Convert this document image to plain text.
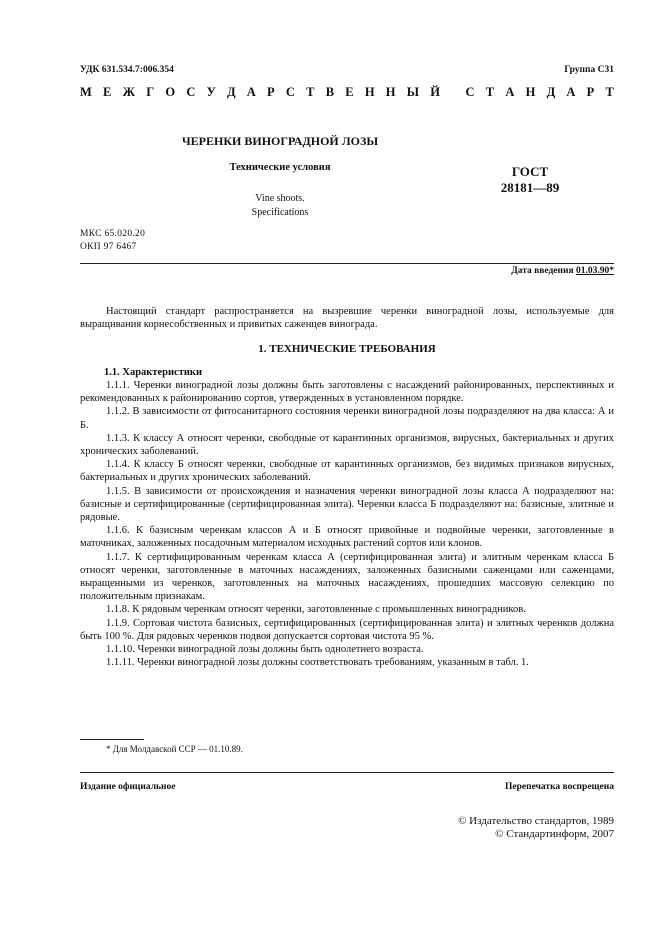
УДК 631.534.7:006.354	Группа С31
М Е Ж Г О С У Д А Р С Т В Е Н Н Ы Й
С Т А Н Д А Р Т
ЧЕРЕНКИ ВИНОГРАДНОЙ ЛОЗЫ
Технические условия
Vine shoots.
Specifications
ГОСТ
28181—89
МКС 65.020.20
ОКП 97 6467
Дата введения 01.03.90*

Настоящий стандарт распространяется на вызревшие черенки виноградной лозы, используемые для выращивания корнесобственных и привитых саженцев винограда.

1. ТЕХНИЧЕСКИЕ ТРЕБОВАНИЯ
1.1. Характеристики

1.1.1. Черенки виноградной лозы должны быть заготовлены с насаждений районированных, перспективных и рекомендованных к районированию сортов, утвержденных в установленном порядке.

1.1.2. В зависимости от фитосанитарного состояния черенки виноградной лозы подразделяют на два класса: А и Б.

1.1.3. К классу А относят черенки, свободные от карантинных организмов, вирусных, бактериальных и других хронических заболеваний.

1.1.4. К классу Б относят черенки, свободные от карантинных организмов, без видимых признаков вирусных, бактериальных и других хронических заболеваний.

1.1.5. В зависимости от происхождения и назначения черенки виноградной лозы класса А подразделяют на: базисные и сертифицированные (сертифицированная элита). Черенки класса Б подразделяют на: базисные, элитные и рядовые.

1.1.6. К базисным черенкам классов А и Б относят привойные и подвойные черенки, заготовленные в маточниках, заложенных посадочным материалом исходных растений сортов или клонов.

1.1.7. К сертифицированным черенкам класса А (сертифицированная элита) и элитным черенкам класса Б относят черенки, заготовленные в маточных насаждениях, заложенных базисными саженцами или саженцами, выращенными из черенков, заготовленных на маточных насаждениях, прошедших массовую селекцию по положительным признакам.

1.1.8. К рядовым черенкам относят черенки, заготовленные с промышленных виноградников.

1.1.9. Сортовая чистота базисных, сертифицированных (сертифицированная элита) и элитных черенков должна быть 100 %. Для рядовых черенков подвоя допускается сортовая чистота 95 %.

1.1.10. Черенки виноградной лозы должны быть однолетнего возраста.

1.1.11. Черенки виноградной лозы должны соответствовать требованиям, указанным в табл. 1.

* Для Молдавской ССР — 01.10.89.
Издание официальное	Перепечатка воспрещена
© Издательство стандартов, 1989
© Стандартинформ, 2007
